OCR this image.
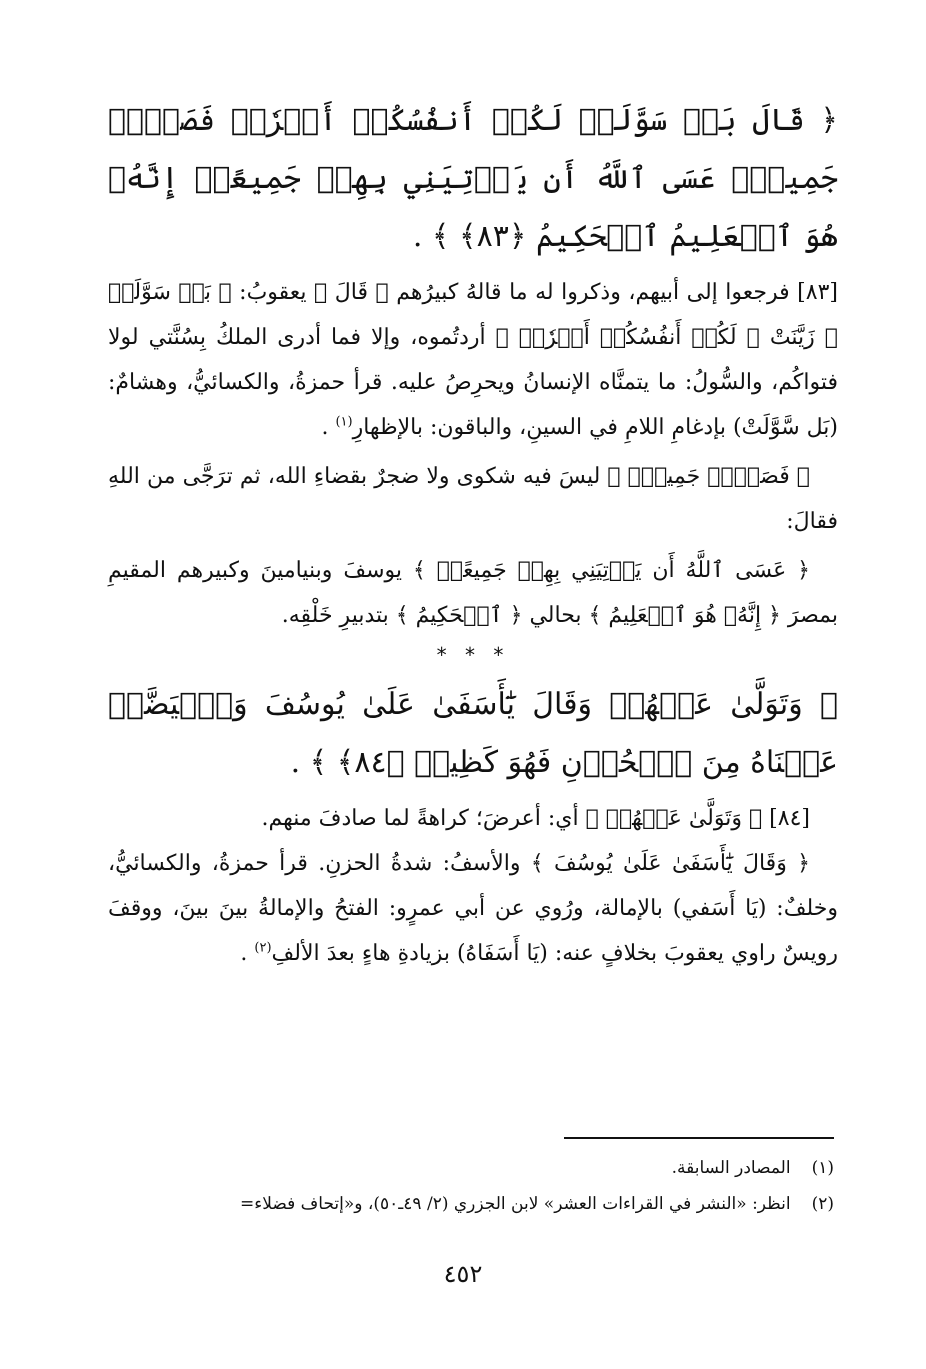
﴿ قَالَ بَلۡ سَوَّلَتۡ لَكُمۡ أَنفُسُكُمۡ أَمۡرٗاۖ فَصَبۡرٞ جَمِيلٌۖ عَسَى ٱللَّهُ أَن يَأۡتِيَنِي بِهِمۡ جَمِيعًاۚ إِنَّهُۥ هُوَ ٱلۡعَلِيمُ ٱلۡحَكِيمُ ﴿٨٣﴾ ﴾ .

[٨٣] فرجعوا إلى أبيهم، وذكروا له ما قالهُ كبيرُهم ﴿ قَالَ ﴾ يعقوبُ: ﴿ بَلۡ سَوَّلَتۡ ﴾ زَيَّنَتْ ﴿ لَكُمۡ أَنفُسُكُمۡ أَمۡرٗاۖ ﴾ أردتُموه، وإلا فما أدرى الملكُ بِسُنَّتي لولا فتواكُم، والسُّولُ: ما يتمنَّاه الإنسانُ ويحرِصُ عليه. قرأ حمزةُ، والكسائيُّ، وهشامٌ: (بَل سَّوَّلَتْ) بإدغامِ اللامِ في السينِ، والباقون: بالإظهارِ$^{(١)}$ .

﴿ فَصَبۡرٞ جَمِيلٌۖ ﴾ ليسَ فيه شكوى ولا ضجرٌ بقضاءِ الله، ثم ترَجَّى من اللهِ فقالَ:

﴿ عَسَى ٱللَّهُ أَن يَأۡتِيَنِي بِهِمۡ جَمِيعًاۚ ﴾ يوسفَ وبنيامينَ وكبيرهم المقيمِ بمصرَ ﴿ إِنَّهُۥ هُوَ ٱلۡعَلِيمُ ﴾ بحالي ﴿ ٱلۡحَكِيمُ ﴾ بتدبيرِ خَلْقِه.

* * *

﴿ وَتَوَلَّىٰ عَنۡهُمۡ وَقَالَ يَٰٓأَسَفَىٰ عَلَىٰ يُوسُفَ وَٱبۡيَضَّتۡ عَيۡنَاهُ مِنَ ٱلۡحُزۡنِ فَهُوَ كَظِيمٞ ﴿٨٤﴾ ﴾ .

[٨٤] ﴿ وَتَوَلَّىٰ عَنۡهُمۡ ﴾ أي: أعرضَ؛ كراهةً لما صادفَ منهم.

﴿ وَقَالَ يَٰٓأَسَفَىٰ عَلَىٰ يُوسُفَ ﴾ والأسفُ: شدةُ الحزنِ. قرأ حمزةُ، والكسائيُّ، وخلفٌ: (يَا أَسَفي) بالإمالة، ورُوي عن أبي عمرٍو: الفتحُ والإمالةُ بينَ بينَ، ووقفَ رويسٌ راوي يعقوبَ بخلافٍ عنه: (يَا أَسَفَاهُ) بزيادةِ هاءٍ بعدَ الألفِ$^{(٢)}$ .

(١) المصادر السابقة.
(٢) انظر: «النشر في القراءات العشر» لابن الجزري (٢/ ٤٩ـ٥٠)، و«إتحاف فضلاء=
٤٥٢
